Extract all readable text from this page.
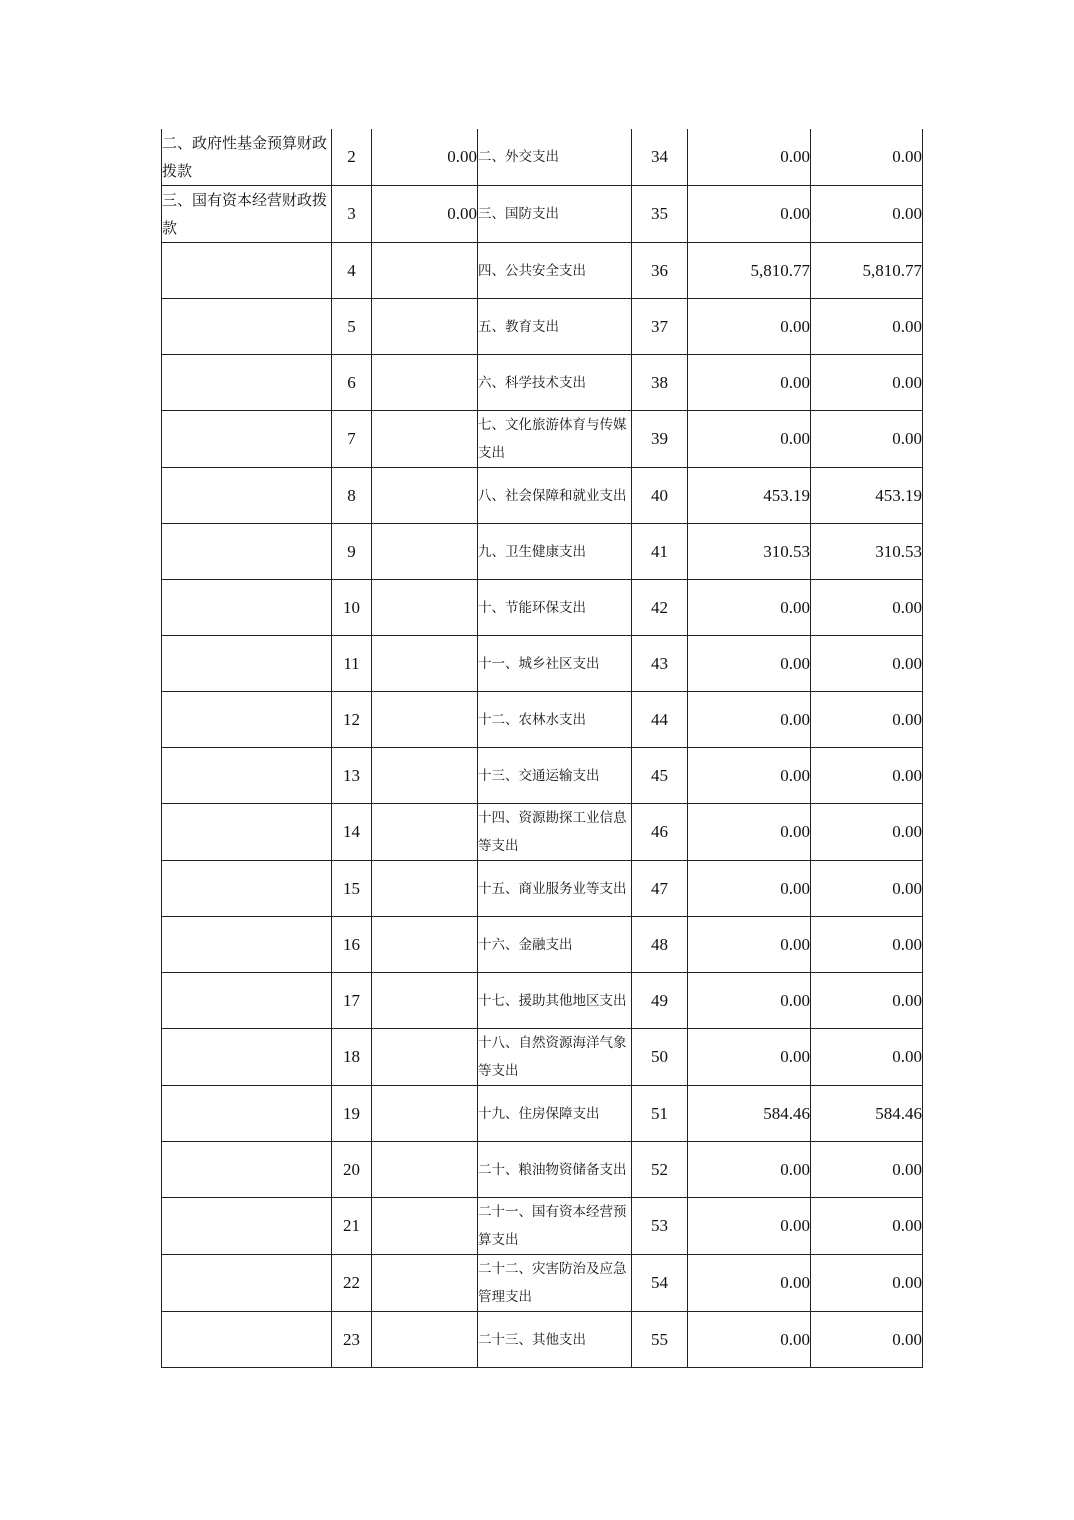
二、政府性基金预算财政拨款	2	0.00	二、外交支出	34	0.00	0.00
三、国有资本经营财政拨款	3	0.00	三、国防支出	35	0.00	0.00
	4		四、公共安全支出	36	5,810.77	5,810.77
	5		五、教育支出	37	0.00	0.00
	6		六、科学技术支出	38	0.00	0.00
	7		七、文化旅游体育与传媒支出	39	0.00	0.00
	8		八、社会保障和就业支出	40	453.19	453.19
	9		九、卫生健康支出	41	310.53	310.53
	10		十、节能环保支出	42	0.00	0.00
	11		十一、城乡社区支出	43	0.00	0.00
	12		十二、农林水支出	44	0.00	0.00
	13		十三、交通运输支出	45	0.00	0.00
	14		十四、资源勘探工业信息等支出	46	0.00	0.00
	15		十五、商业服务业等支出	47	0.00	0.00
	16		十六、金融支出	48	0.00	0.00
	17		十七、援助其他地区支出	49	0.00	0.00
	18		十八、自然资源海洋气象等支出	50	0.00	0.00
	19		十九、住房保障支出	51	584.46	584.46
	20		二十、粮油物资储备支出	52	0.00	0.00
	21		二十一、国有资本经营预算支出	53	0.00	0.00
	22		二十二、灾害防治及应急管理支出	54	0.00	0.00
	23		二十三、其他支出	55	0.00	0.00
